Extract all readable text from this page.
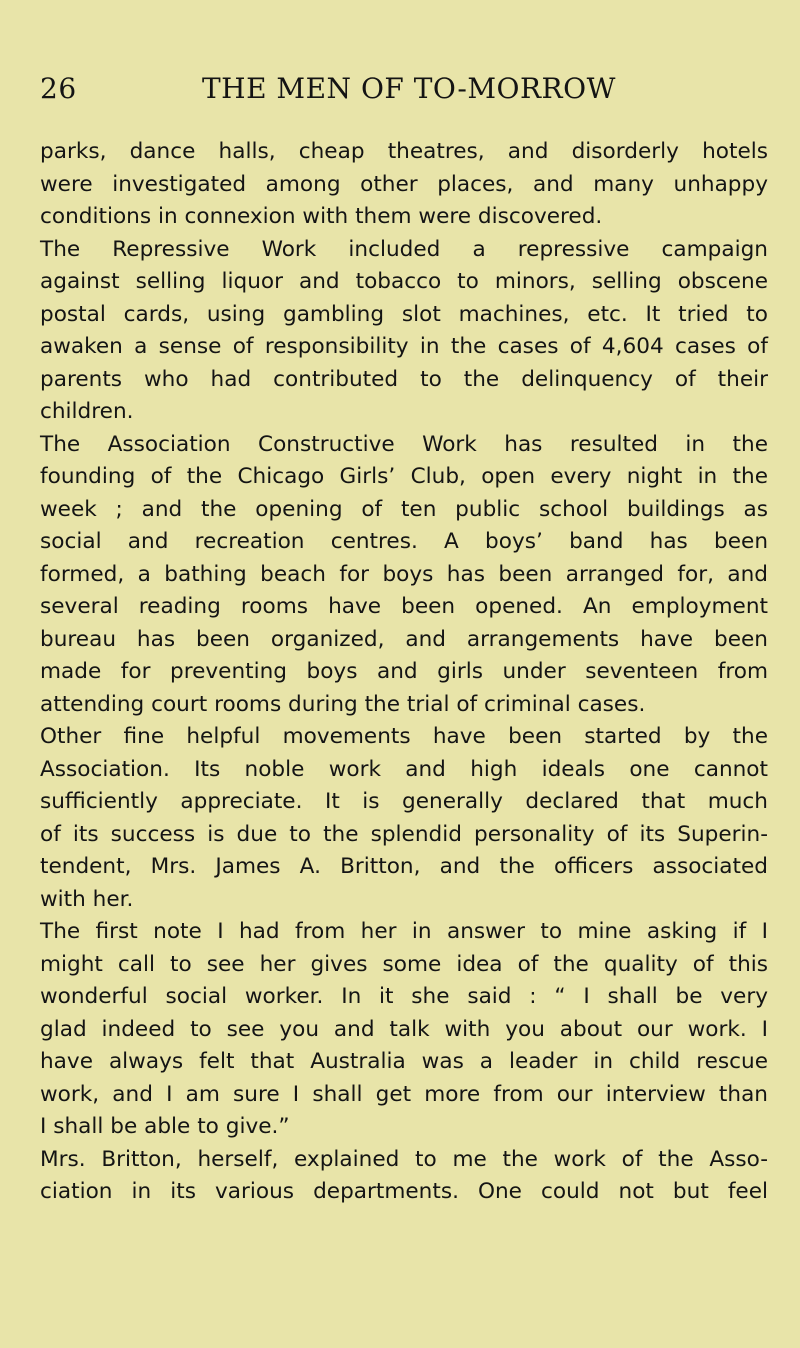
26	THE MEN OF TO-MORROW
parks, dance halls, cheap theatres, and disorderly hotels
were investigated among other places, and many unhappy
conditions in connexion with them were discovered.
The Repressive Work included a repressive campaign
against selling liquor and tobacco to minors, selling obscene
postal cards, using gambling slot machines, etc. It tried to
awaken a sense of responsibility in the cases of 4,604 cases of
parents who had contributed to the delinquency of their
children.
The Association Constructive Work has resulted in the
founding of the Chicago Girls’ Club, open every night in the
week ; and the opening of ten public school buildings as
social and recreation centres. A boys’ band has been
formed, a bathing beach for boys has been arranged for, and
several reading rooms have been opened. An employment
bureau has been organized, and arrangements have been
made for preventing boys and girls under seventeen from
attending court rooms during the trial of criminal cases.
Other fine helpful movements have been started by the
Association. Its noble work and high ideals one cannot
sufficiently appreciate. It is generally declared that much
of its success is due to the splendid personality of its Superin-
tendent, Mrs. James A. Britton, and the officers associated
with her.
The first note I had from her in answer to mine asking if I
might call to see her gives some idea of the quality of this
wonderful social worker. In it she said : “ I shall be very
glad indeed to see you and talk with you about our work. I
have always felt that Australia was a leader in child rescue
work, and I am sure I shall get more from our interview than
I shall be able to give.”
Mrs. Britton, herself, explained to me the work of the Asso-
ciation in its various departments. One could not but feel
